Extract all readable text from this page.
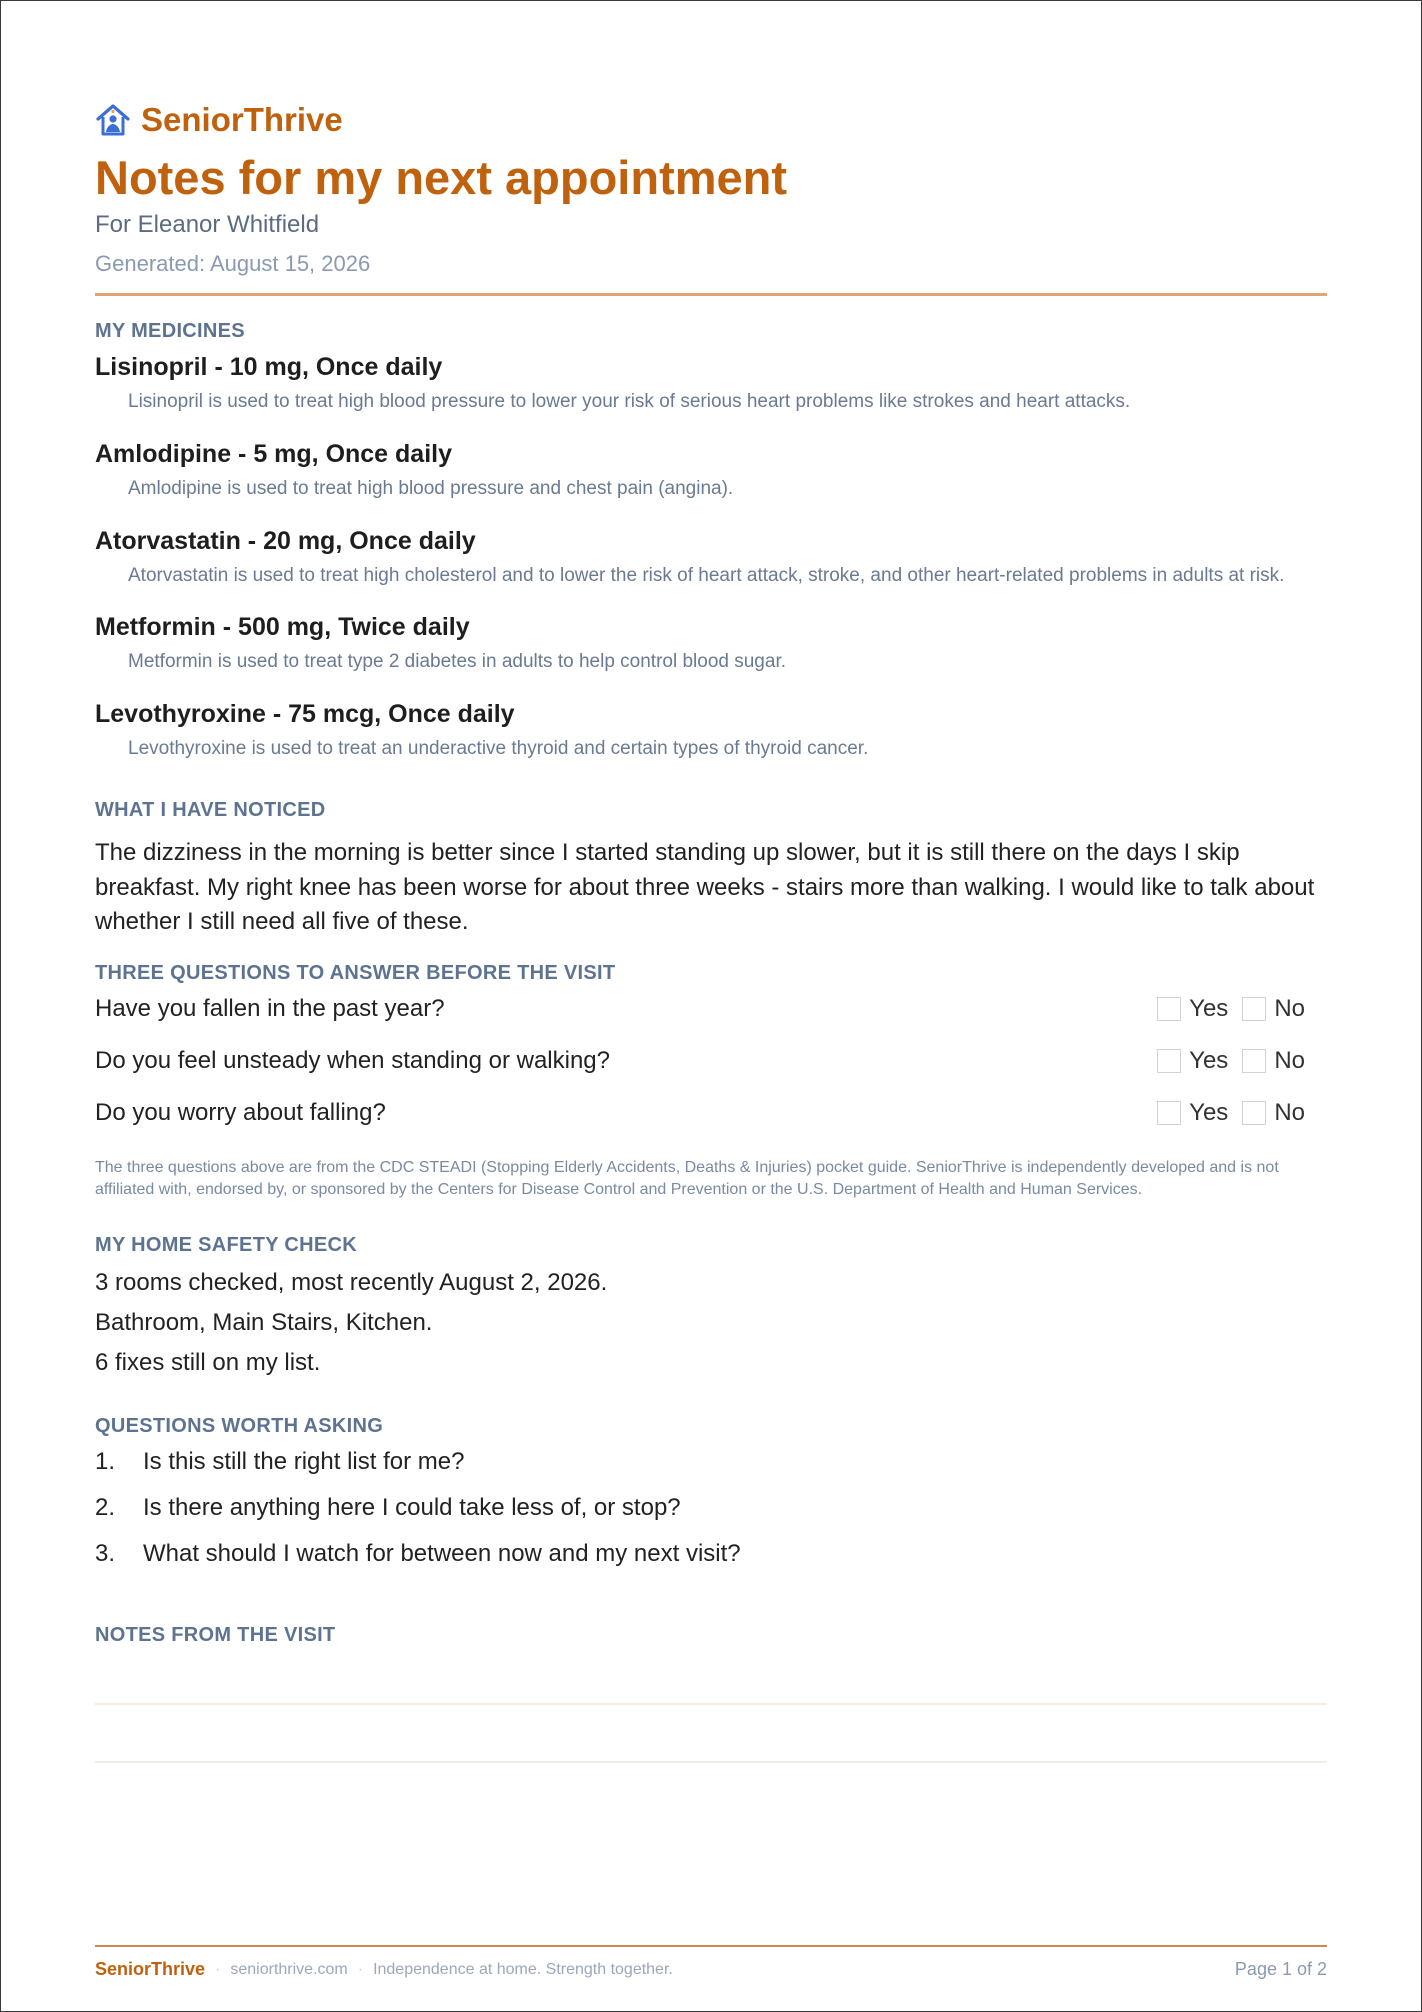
SeniorThrive
Notes for my next appointment
For Eleanor Whitfield
Generated: August 15, 2026
MY MEDICINES
Lisinopril - 10 mg, Once daily
Lisinopril is used to treat high blood pressure to lower your risk of serious heart problems like strokes and heart attacks.
Amlodipine - 5 mg, Once daily
Amlodipine is used to treat high blood pressure and chest pain (angina).
Atorvastatin - 20 mg, Once daily
Atorvastatin is used to treat high cholesterol and to lower the risk of heart attack, stroke, and other heart-related problems in adults at risk.
Metformin - 500 mg, Twice daily
Metformin is used to treat type 2 diabetes in adults to help control blood sugar.
Levothyroxine - 75 mcg, Once daily
Levothyroxine is used to treat an underactive thyroid and certain types of thyroid cancer.
WHAT I HAVE NOTICED
The dizziness in the morning is better since I started standing up slower, but it is still there on the days I skip breakfast. My right knee has been worse for about three weeks - stairs more than walking. I would like to talk about whether I still need all five of these.
THREE QUESTIONS TO ANSWER BEFORE THE VISIT
Have you fallen in the past year?	Yes No
Do you feel unsteady when standing or walking?	Yes No
Do you worry about falling?	Yes No
The three questions above are from the CDC STEADI (Stopping Elderly Accidents, Deaths & Injuries) pocket guide. SeniorThrive is independently developed and is not affiliated with, endorsed by, or sponsored by the Centers for Disease Control and Prevention or the U.S. Department of Health and Human Services.
MY HOME SAFETY CHECK
3 rooms checked, most recently August 2, 2026.
Bathroom, Main Stairs, Kitchen.
6 fixes still on my list.
QUESTIONS WORTH ASKING
1.	Is this still the right list for me?
2.	Is there anything here I could take less of, or stop?
3.	What should I watch for between now and my next visit?
NOTES FROM THE VISIT
SeniorThrive · seniorthrive.com · Independence at home. Strength together.	Page 1 of 2
